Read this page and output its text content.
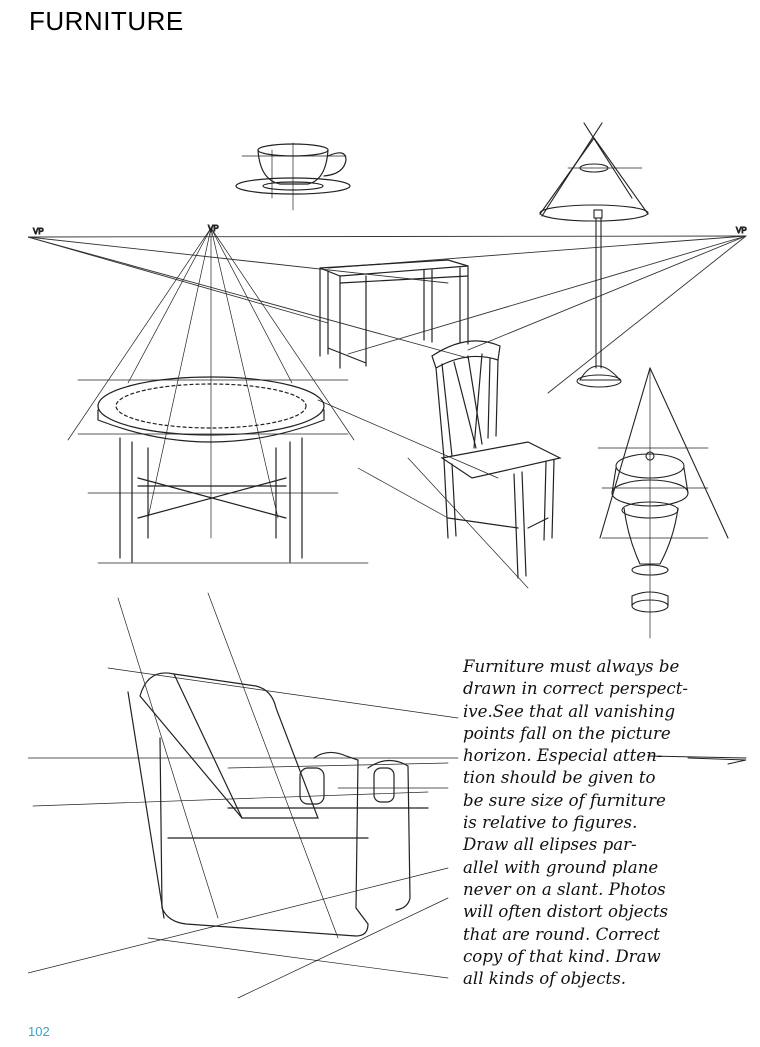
FURNITURE
VP	VP	VP
Furniture must always be
drawn in correct perspect-
ive.See that all vanishing
points fall on the picture
horizon. Especial atten-
tion should be given to
be sure size of furniture
is relative to figures.
Draw all elipses par-
allel with ground plane
never on a slant. Photos
will often distort objects
that are round. Correct
copy of that kind. Draw
all kinds of objects.
102
